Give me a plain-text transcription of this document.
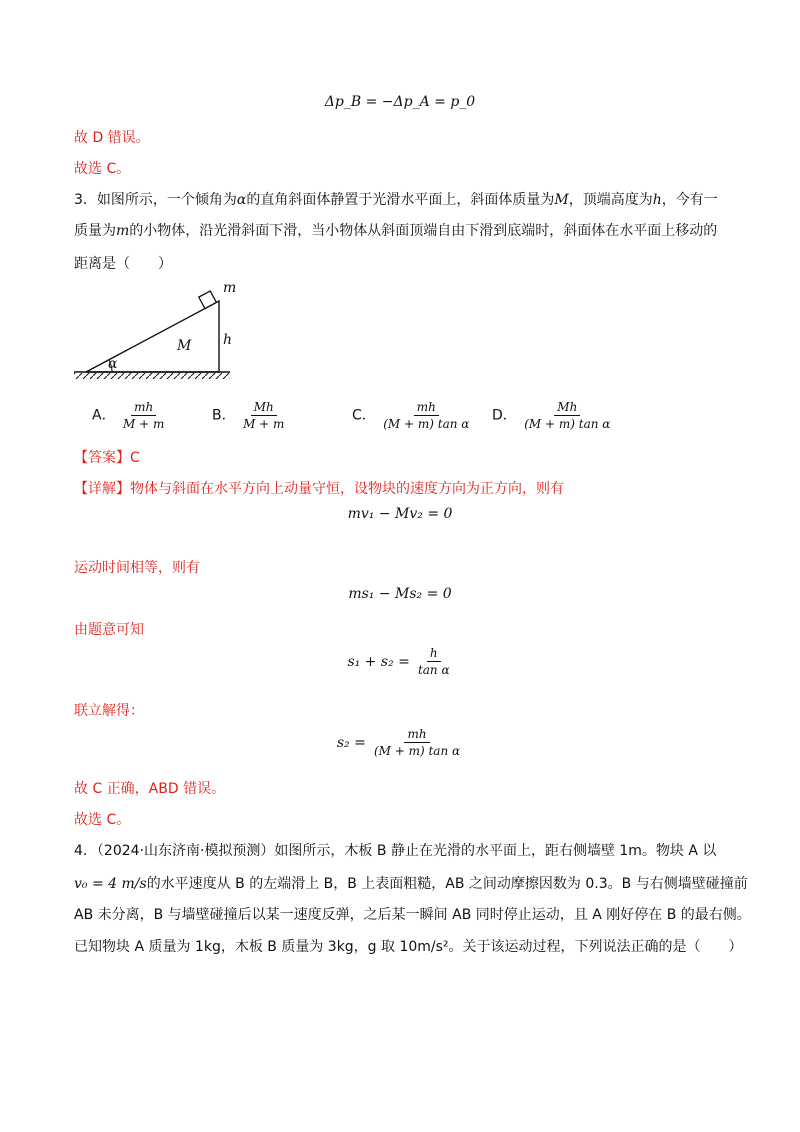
Δp_B = −Δp_A = p_0
故 D 错误。
故选 C。
3．如图所示，一个倾角为α的直角斜面体静置于光滑水平面上，斜面体质量为M，顶端高度为h，今有一
质量为m的小物体，沿光滑斜面下滑，当小物体从斜面顶端自由下滑到底端时，斜面体在水平面上移动的
距离是（　　）
m
M h
α
A． $\frac{mh}{M + m}$	B． $\frac{Mh}{M + m}$	C． $\frac{mh}{\text{(M + m) tan α}}$ D． $\frac{Mh}{\text{(M + m) tan α}}$
【答案】C
【详解】物体与斜面在水平方向上动量守恒，设物块的速度方向为正方向，则有
mv₁ − Mv₂ = 0
运动时间相等，则有
ms₁ − Ms₂ = 0
由题意可知
$s_1 + s_2 = \frac{h}{\text{tan α}}$
联立解得：
$s_2 = \frac{mh}{\text{(M + m) tan α}}$
故 C 正确，ABD 错误。
故选 C。
4．（2024·山东济南·模拟预测）如图所示，木板 B 静止在光滑的水平面上，距右侧墙壁 1m。物块 A 以
v₀ = 4 m/s的水平速度从 B 的左端滑上 B，B 上表面粗糙，AB 之间动摩擦因数为 0.3。B 与右侧墙壁碰撞前
AB 未分离，B 与墙壁碰撞后以某一速度反弹，之后某一瞬间 AB 同时停止运动，且 A 刚好停在 B 的最右侧。
已知物块 A 质量为 1kg，木板 B 质量为 3kg，g 取 10m/s²。关于该运动过程，下列说法正确的是（　　）
